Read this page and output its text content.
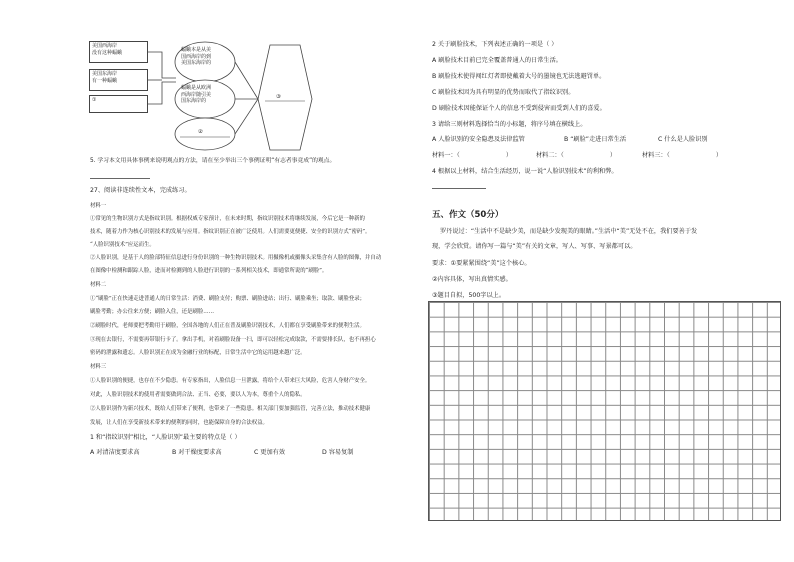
美国西海岸
没有这种蝠蛾
美国东海岸
有一种蝠蛾
①
蝠蛾本是从美
国西海岸的到
美国东海岸的
蝠蛾是从欧洲
西海岸随引美
国东海岸的
②
③
5. 学习本文用具体事例来说明观点的方法，请在至少举出三个事例证明“有志者事竟成”的观点。
27、阅读非连续性文本，完成练习。
材料一
①常见的生物识别方式是指纹识别。根据权威专家预计，在未来时期，指纹识别技术将继续发展，今后它是一种新的
技术，随着力作为核心识别技术的发展与应用。指纹识别正在被广泛使用。人们需要更便捷、安全的识别方式“密码”。
“人脸识别技术”应运而生。
②人脸识别，是基于人的脸部特征信息进行身份识别的一种生物识别技术。用摄像机或摄像头采集含有人脸的图像，并自动
在图像中检测和跟踪人脸，进而对检测到的人脸进行识别的一系列相关技术，即通常所说的“刷脸”。
材料二
①“刷脸”正在快速走进普通人的日常生活：消费、刷脸支付；购票、刷脸进站；出行、刷脸乘坐；取款、刷脸登录；
刷脸考勤；办公往来方便；刷脸入住，还是刷脸……
②刷脸时代，老师要把考勤用于刷脸，全国各地的人们正在普及刷脸识别技术，人们都在享受刷脸带来的便利生活。
③现在去银行，不需要再带银行卡了。拿出手机，对着刷脸设备一扫，即可以轻松完成取款，不需要排长队，也不再担心
密码的泄露和遗忘。人脸识别正在成为金融行业的标配，日常生活中它的运用越来越广泛。
材料三
①人脸识别的便捷，也存在不少隐患。有专家指出，人脸信息一旦泄露，将给个人带来巨大风险，危害人身财产安全。
对此，人脸识别技术的使用者需要做到合法、正当、必要，要以人为本，尊重个人的隐私。
②人脸识别作为新兴技术，既给人们带来了便利，也带来了一些隐患。相关部门要加强监管，完善立法，推动技术健康
发展，让人们在享受新技术带来的便利的同时，也能保障自身的合法权益。
1 和“指纹识别”相比，“人脸识别”最主要的特点是（ ）
A 对清洁度要求高	B 对干燥度要求高	C 更加有效	D 容易复制
2 关于刷脸技术，下列表述正确的一项是（ ）
A 刷脸技术目前已完全覆盖普通人的日常生活。
B 刷脸技术使得闯红灯者即使戴着大号的墨镜也无法逃避罚单。
C 刷脸技术因为具有明显的优势而取代了指纹识别。
D 刷脸技术因能保证个人的信息不受到侵害而受到人们的喜爱。
3 请给三则材料选择恰当的小标题，将序号填在横线上。
A 人脸识别的安全隐患及法律监管	B “刷脸”走进日常生活	C 什么是人脸识别
材料一：（	）	材料二：（	）	材料三：（	）
4 根据以上材料，结合生活经历，说一说“人脸识别技术”的利和弊。
五、作文（50分）
罗丹说过：“生活中不是缺少美，而是缺少发现美的眼睛。”生活中“美”无处不在，我们要善于发
现，学会欣赏。请你写一篇与“美”有关的文章，写人、写事、写景都可以。
要求：①要紧紧围绕“美”这个核心。
②内容具体，写出真情实感。
③题目自拟，500字以上。
